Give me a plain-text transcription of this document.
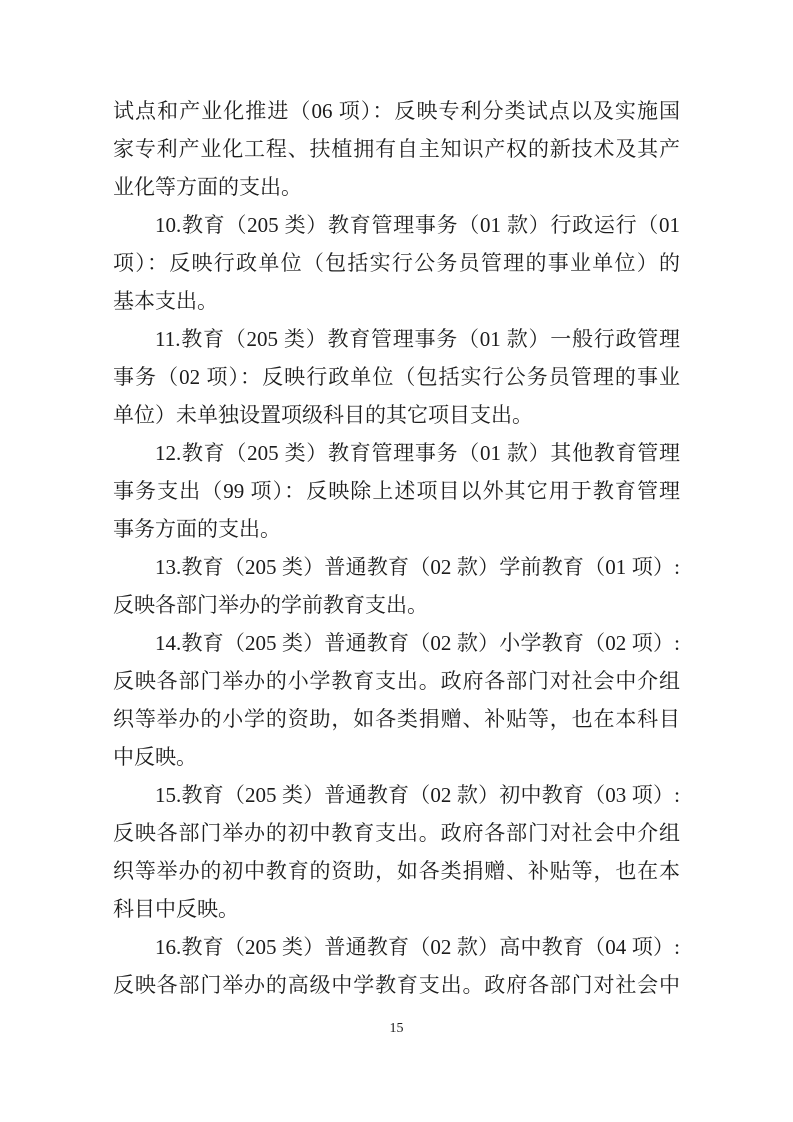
试点和产业化推进（06 项）：反映专利分类试点以及实施国
家专利产业化工程、扶植拥有自主知识产权的新技术及其产
业化等方面的支出。

10.教育（205 类）教育管理事务（01 款）行政运行（01
项）：反映行政单位（包括实行公务员管理的事业单位）的
基本支出。

11.教育（205 类）教育管理事务（01 款）一般行政管理
事务（02 项）：反映行政单位（包括实行公务员管理的事业
单位）未单独设置项级科目的其它项目支出。

12.教育（205 类）教育管理事务（01 款）其他教育管理
事务支出（99 项）：反映除上述项目以外其它用于教育管理
事务方面的支出。

13.教育（205 类）普通教育（02 款）学前教育（01 项）:
反映各部门举办的学前教育支出。

14.教育（205 类）普通教育（02 款）小学教育（02 项）:
反映各部门举办的小学教育支出。政府各部门对社会中介组
织等举办的小学的资助，如各类捐赠、补贴等，也在本科目
中反映。

15.教育（205 类）普通教育（02 款）初中教育（03 项）:
反映各部门举办的初中教育支出。政府各部门对社会中介组
织等举办的初中教育的资助，如各类捐赠、补贴等，也在本
科目中反映。

16.教育（205 类）普通教育（02 款）高中教育（04 项）:
反映各部门举办的高级中学教育支出。政府各部门对社会中

15
